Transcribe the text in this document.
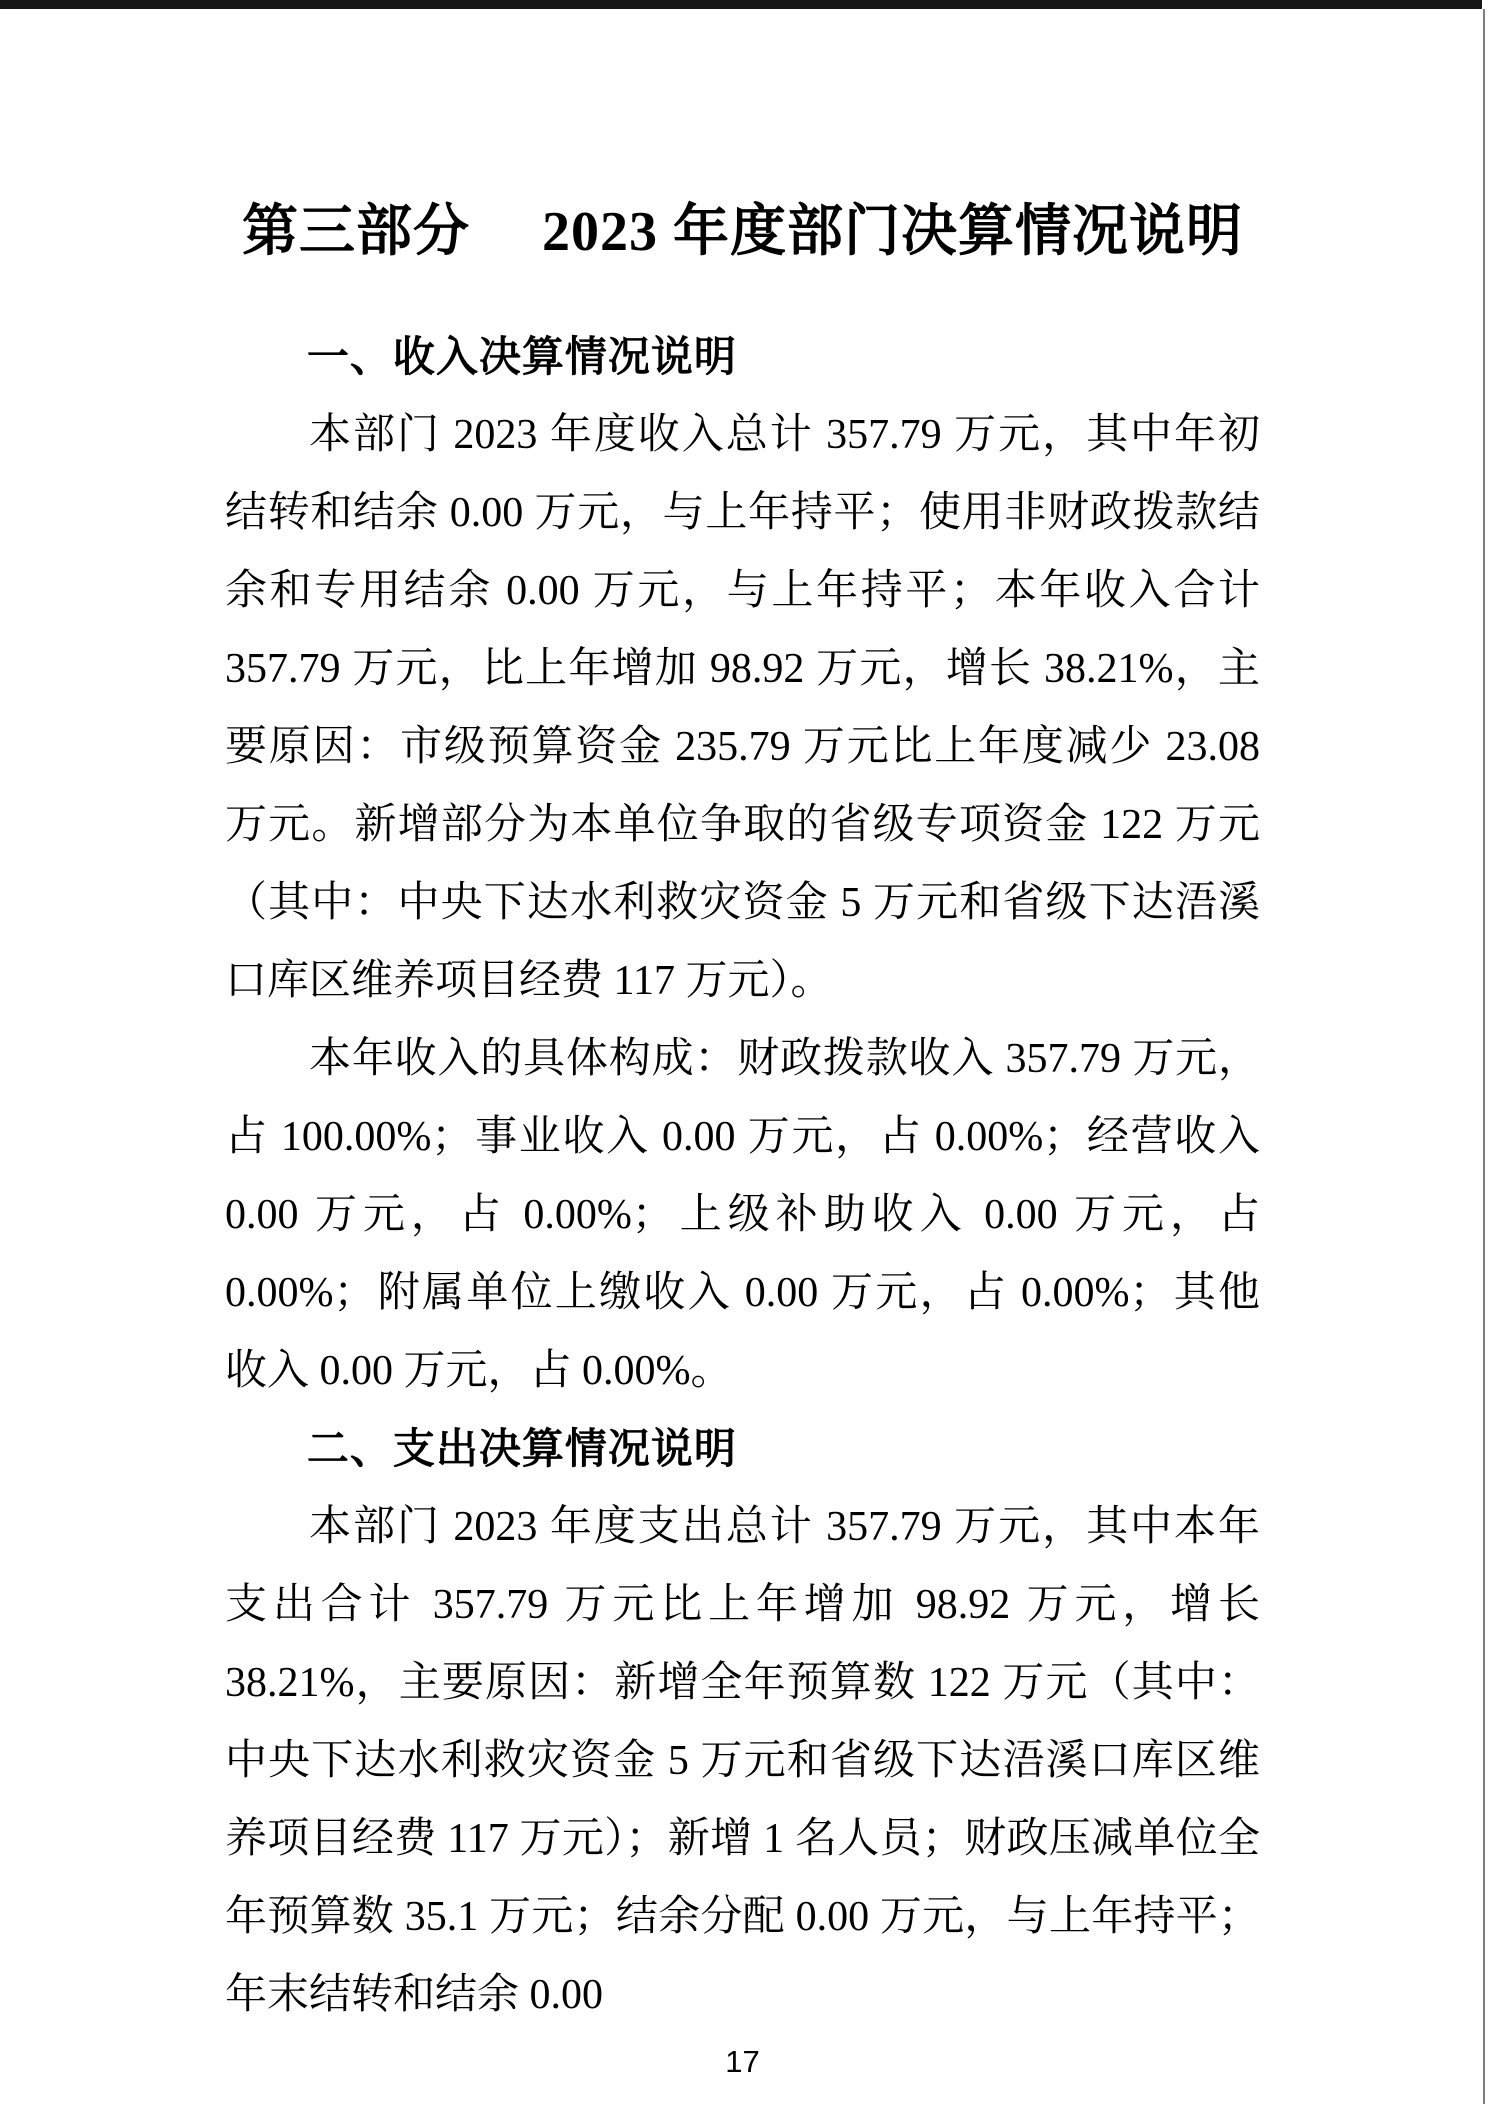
第三部分　 2023 年度部门决算情况说明
一、收入决算情况说明

本部门 2023 年度收入总计 357.79 万元，其中年初结转和结余 0.00 万元，与上年持平；使用非财政拨款结余和专用结余 0.00 万元，与上年持平；本年收入合计 357.79 万元，比上年增加 98.92 万元，增长 38.21%，主要原因：市级预算资金 235.79 万元比上年度减少 23.08 万元。新增部分为本单位争取的省级专项资金 122 万元（其中：中央下达水利救灾资金 5 万元和省级下达浯溪口库区维养项目经费 117 万元）。

本年收入的具体构成：财政拨款收入 357.79 万元，占 100.00%；事业收入 0.00 万元，占 0.00%；经营收入 0.00 万元，占 0.00%；上级补助收入 0.00 万元，占 0.00%；附属单位上缴收入 0.00 万元，占 0.00%；其他收入 0.00 万元，占 0.00%。

二、支出决算情况说明

本部门 2023 年度支出总计 357.79 万元，其中本年支出合计 357.79 万元比上年增加 98.92 万元，增长 38.21%，主要原因：新增全年预算数 122 万元（其中：中央下达水利救灾资金 5 万元和省级下达浯溪口库区维养项目经费 117 万元）；新增 1 名人员；财政压减单位全年预算数 35.1 万元；结余分配 0.00 万元，与上年持平；年末结转和结余 0.00

17
